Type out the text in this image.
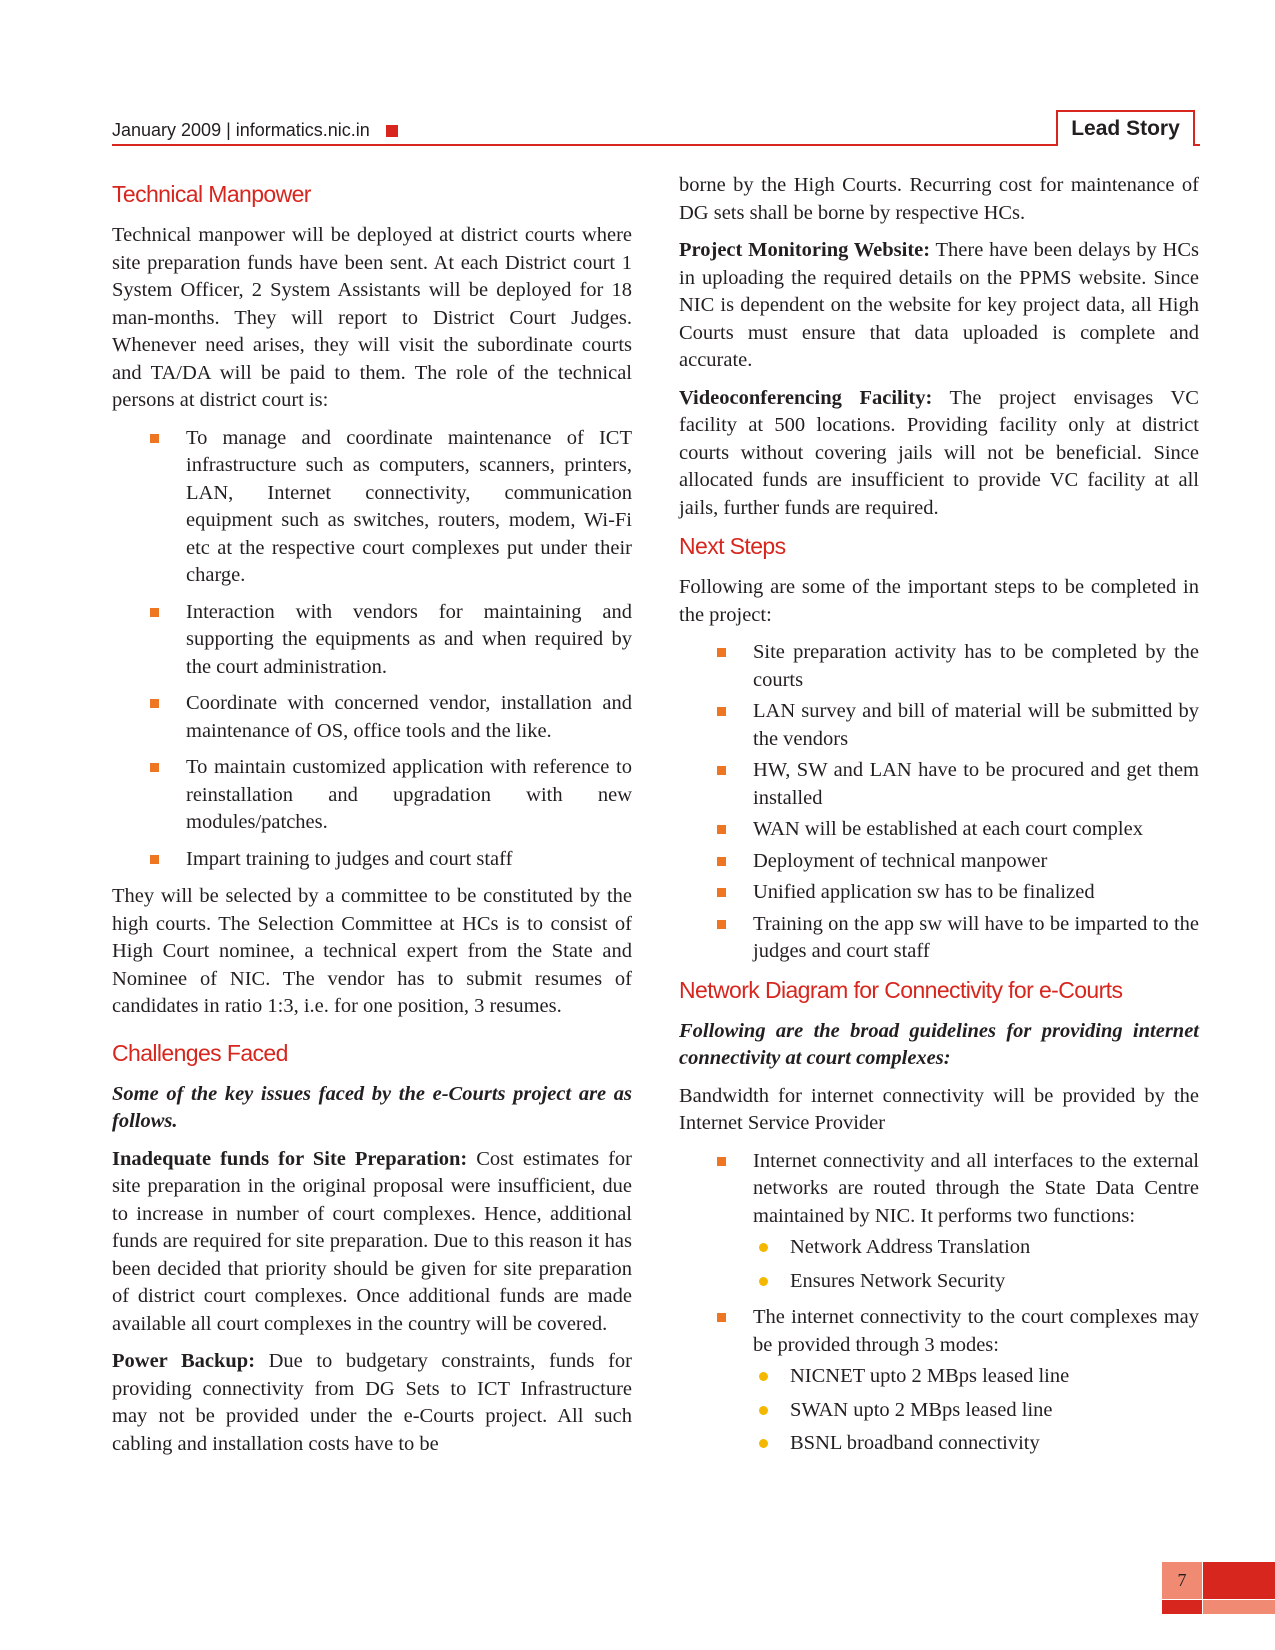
January 2009 | informatics.nic.in	Lead Story
Technical Manpower

Technical manpower will be deployed at district courts where site preparation funds have been sent. At each District court 1 System Officer, 2 System Assistants will be deployed for 18 man-months. They will report to District Court Judges. Whenever need arises, they will visit the subordinate courts and TA/DA will be paid to them. The role of the technical persons at district court is:

To manage and coordinate maintenance of ICT infrastructure such as computers, scanners, printers, LAN, Internet connectivity, communication equipment such as switches, routers, modem, Wi-Fi etc at the respective court complexes put under their charge.
Interaction with vendors for maintaining and supporting the equipments as and when required by the court administration.
Coordinate with concerned vendor, installation and maintenance of OS, office tools and the like.
To maintain customized application with reference to reinstallation and upgradation with new modules/patches.
Impart training to judges and court staff

They will be selected by a committee to be constituted by the high courts. The Selection Committee at HCs is to consist of High Court nominee, a technical expert from the State and Nominee of NIC. The vendor has to submit resumes of candidates in ratio 1:3, i.e. for one position, 3 resumes.

Challenges Faced

Some of the key issues faced by the e-Courts project are as follows.

Inadequate funds for Site Preparation: Cost estimates for site preparation in the original proposal were insufficient, due to increase in number of court complexes. Hence, additional funds are required for site preparation. Due to this reason it has been decided that priority should be given for site preparation of district court complexes. Once additional funds are made available all court complexes in the country will be covered.

Power Backup: Due to budgetary constraints, funds for providing connectivity from DG Sets to ICT Infrastructure may not be provided under the e-Courts project. All such cabling and installation costs have to be

borne by the High Courts. Recurring cost for maintenance of DG sets shall be borne by respective HCs.

Project Monitoring Website: There have been delays by HCs in uploading the required details on the PPMS website. Since NIC is dependent on the website for key project data, all High Courts must ensure that data uploaded is complete and accurate.

Videoconferencing Facility: The project envisages VC facility at 500 locations. Providing facility only at district courts without covering jails will not be beneficial. Since allocated funds are insufficient to provide VC facility at all jails, further funds are required.

Next Steps

Following are some of the important steps to be completed in the project:

Site preparation activity has to be completed by the courts
LAN survey and bill of material will be submitted by the vendors
HW, SW and LAN have to be procured and get them installed
WAN will be established at each court complex
Deployment of technical manpower
Unified application sw has to be finalized
Training on the app sw will have to be imparted to the judges and court staff
Network Diagram for Connectivity for e-Courts

Following are the broad guidelines for providing internet connectivity at court complexes:

Bandwidth for internet connectivity will be provided by the Internet Service Provider

Internet connectivity and all interfaces to the external networks are routed through the State Data Centre maintained by NIC. It performs two functions:
Network Address Translation
Ensures Network Security
The internet connectivity to the court complexes may be provided through 3 modes:
NICNET upto 2 MBps leased line
SWAN upto 2 MBps leased line
BSNL broadband connectivity
7
